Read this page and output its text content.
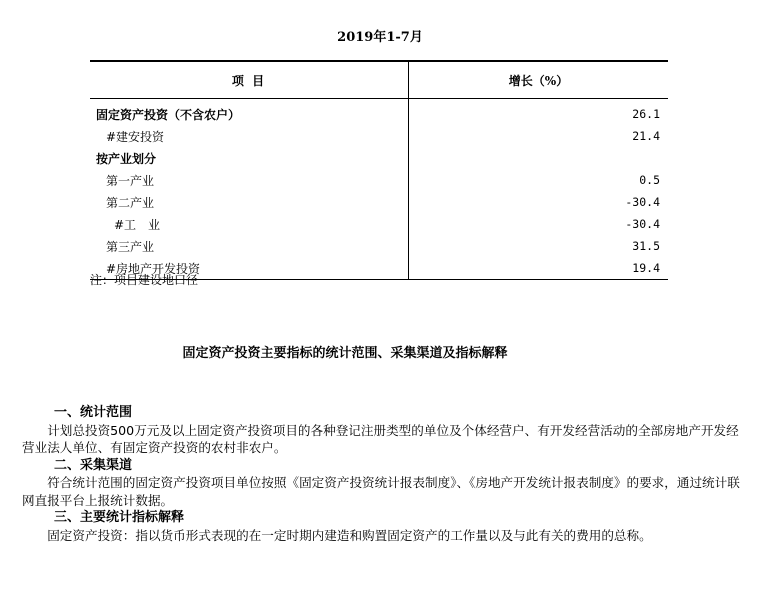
2019年1-7月
项 目	增长（%）
固定资产投资（不含农户）	26.1
#建安投资	21.4
按产业划分	
第一产业	0.5
第二产业	-30.4
#工　业	-30.4
第三产业	31.5
#房地产开发投资	19.4
注：项目建设地口径
固定资产投资主要指标的统计范围、采集渠道及指标解释
一、统计范围
计划总投资500万元及以上固定资产投资项目的各种登记注册类型的单位及个体经营户、有开发经营活动的全部房地产开发经营业法人单位、有固定资产投资的农村非农户。
二、采集渠道
符合统计范围的固定资产投资项目单位按照《固定资产投资统计报表制度》、《房地产开发统计报表制度》的要求，通过统计联网直报平台上报统计数据。
三、主要统计指标解释
固定资产投资：指以货币形式表现的在一定时期内建造和购置固定资产的工作量以及与此有关的费用的总称。
